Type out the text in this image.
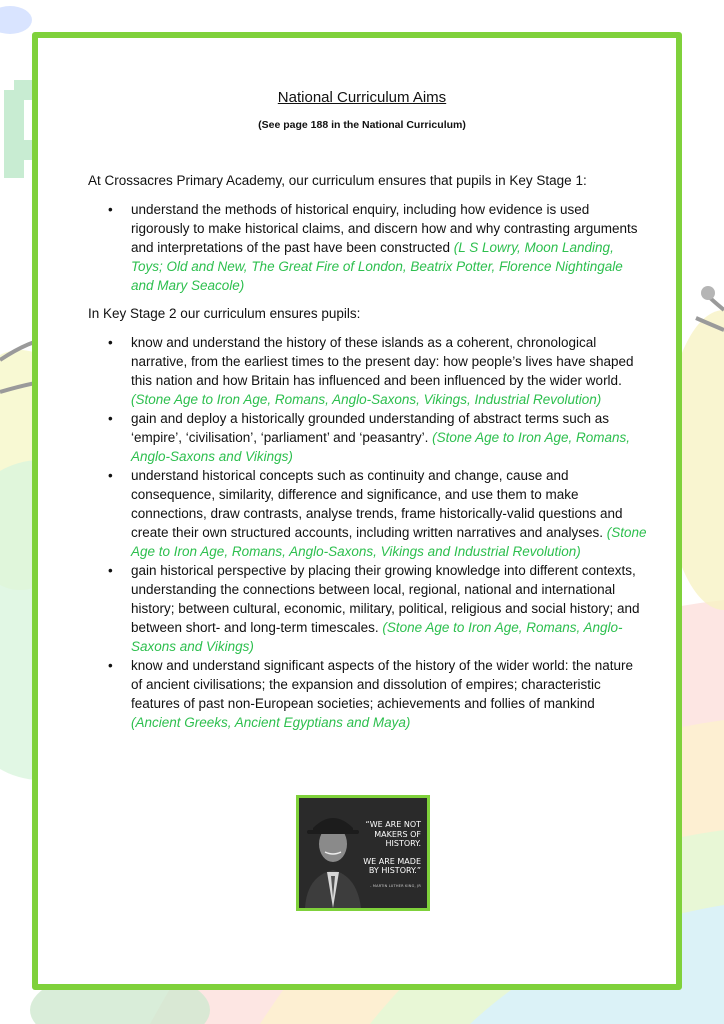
National Curriculum Aims
(See page 188 in the National Curriculum)
At Crossacres Primary Academy, our curriculum ensures that pupils in Key Stage 1:
• understand the methods of historical enquiry, including how evidence is used rigorously to make historical claims, and discern how and why contrasting arguments and interpretations of the past have been constructed (L S Lowry, Moon Landing, Toys; Old and New, The Great Fire of London, Beatrix Potter, Florence Nightingale and Mary Seacole)
In Key Stage 2 our curriculum ensures pupils:
• know and understand the history of these islands as a coherent, chronological narrative, from the earliest times to the present day: how people’s lives have shaped this nation and how Britain has influenced and been influenced by the wider world. (Stone Age to Iron Age, Romans, Anglo-Saxons, Vikings, Industrial Revolution)
• gain and deploy a historically grounded understanding of abstract terms such as ‘empire’, ‘civilisation’, ‘parliament’ and ‘peasantry’. (Stone Age to Iron Age, Romans, Anglo-Saxons and Vikings)
• understand historical concepts such as continuity and change, cause and consequence, similarity, difference and significance, and use them to make connections, draw contrasts, analyse trends, frame historically-valid questions and create their own structured accounts, including written narratives and analyses. (Stone Age to Iron Age, Romans, Anglo-Saxons, Vikings and Industrial Revolution)
• gain historical perspective by placing their growing knowledge into different contexts, understanding the connections between local, regional, national and international history; between cultural, economic, military, political, religious and social history; and between short- and long-term timescales. (Stone Age to Iron Age, Romans, Anglo-Saxons and Vikings)
• know and understand significant aspects of the history of the wider world: the nature of ancient civilisations; the expansion and dissolution of empires; characteristic features of past non-European societies; achievements and follies of mankind (Ancient Greeks, Ancient Egyptians and Maya)
“WE ARE NOT MAKERS OF HISTORY.
WE ARE MADE BY HISTORY.”
- MARTIN LUTHER KING, JR
